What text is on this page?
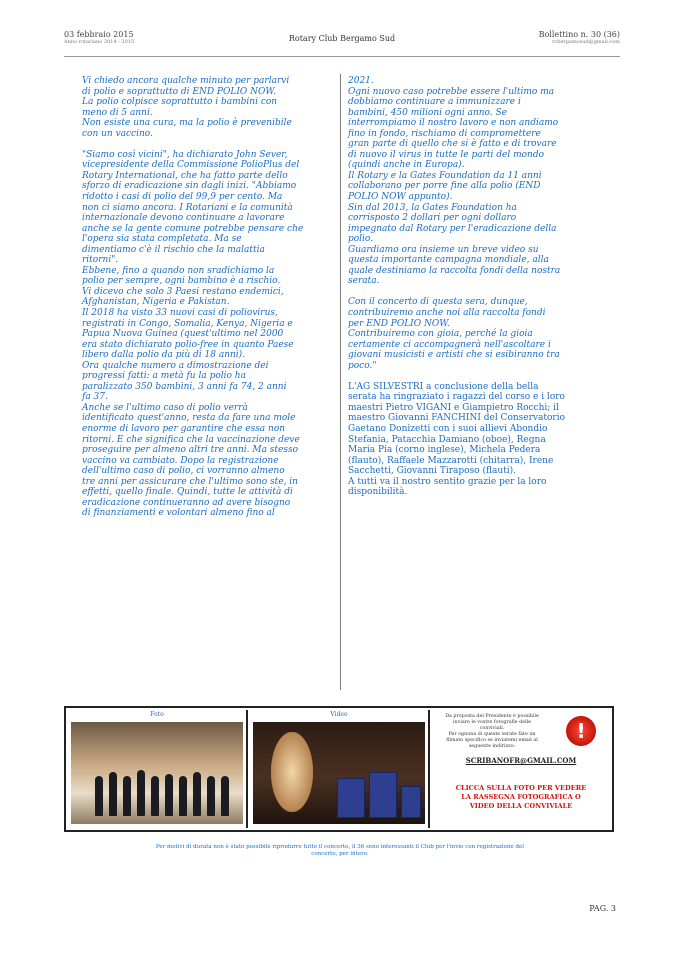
03 febbraio 2015
Anno rotariano 2014 - 2015	Rotary Club Bergamo Sud	Bollettino n. 30 (36)
rcbergamosud@gmail.com

Vi chiedo ancora qualche minuto per parlarvi
di polio e soprattutto di END POLIO NOW.
La polio colpisce soprattutto i bambini con
meno di 5 anni.
Non esiste una cura, ma la polio è prevenibile
con un vaccino.

"Siamo così vicini", ha dichiarato John Sever,
vicepresidente della Commissione PolioPlus del
Rotary International, che ha fatto parte dello
sforzo di eradicazione sin dagli inizi. "Abbiamo
ridotto i casi di polio del 99,9 per cento. Ma
non ci siamo ancora. I Rotariani e la comunità
internazionale devono continuare a lavorare
anche se la gente comune potrebbe pensare che
l'opera sia stata completata. Ma se
dimentiamo c'è il rischio che la malattia
ritorni".
Ebbene, fino a quando non sradichiamo la
polio per sempre, ogni bambino è a rischio.
Vi dicevo che solo 3 Paesi restano endemici,
Afghanistan, Nigeria e Pakistan.
Il 2018 ha visto 33 nuovi casi di poliovirus,
registrati in Congo, Somalia, Kenya, Nigeria e
Papua Nuova Guinea (quest'ultimo nel 2000
era stato dichiarato polio-free in quanto Paese
libero dalla polio da più di 18 anni).
Ora qualche numero a dimostrazione dei
progressi fatti: a metà fu la polio ha
paralizzato 350 bambini, 3 anni fa 74, 2 anni
fa 37.
Anche se l'ultimo caso di polio verrà
identificato quest'anno, resta da fare una mole
enorme di lavoro per garantire che essa non
ritorni. E che significa che la vaccinazione deve
proseguire per almeno altri tre anni. Ma stesso
vaccino va cambiato. Dopo la registrazione
dell'ultimo caso di polio, ci vorranno almeno
tre anni per assicurare che l'ultimo sono ste, in
effetti, quello finale. Quindi, tutte le attività di
eradicazione continueranno ad avere bisogno
di finanziamenti e volontari almeno fino al

2021.
Ogni nuovo caso potrebbe essere l'ultimo ma
dobbiamo continuare a immunizzare i
bambini, 450 milioni ogni anno. Se
interrompiamo il nostro lavoro e non andiamo
fino in fondo, rischiamo di compromettere
gran parte di quello che si è fatto e di trovare
di nuovo il virus in tutte le parti del mondo
(quindi anche in Europa).
Il Rotary e la Gates Foundation da 11 anni
collaborano per porre fine alla polio (END
POLIO NOW appunto).
Sin dal 2013, la Gates Foundation ha
corrisposto 2 dollari per ogni dollaro
impegnato dal Rotary per l'eradicazione della
polio.
Guardiamo ora insieme un breve video su
questa importante campagna mondiale, alla
quale destiniamo la raccolta fondi della nostra
serata.

Con il concerto di questa sera, dunque,
contribuiremo anche noi alla raccolta fondi
per END POLIO NOW.
Contribuiremo con gioia, perché la gioia
certamente ci accompagnerà nell'ascoltare i
giovani musicisti e artisti che si esibiranno tra
poco."

L'AG SILVESTRI a conclusione della bella
serata ha ringraziato i ragazzi del corso e i loro
maestri Pietro VIGANI e Giampietro Rocchi; il
maestro Giovanni FANCHINI del Conservatorio
Gaetano Donizetti con i suoi allievi Abondio
Stefania, Patacchia Damiano (oboe), Regna
Maria Pia (corno inglese), Michela Pedera
(flauto), Raffaele Mazzarotti (chitarra), Irene
Sacchetti, Giovanni Tiraposo (flauti).
A tutti va il nostro sentito grazie per la loro
disponibilità.

Foto	Video	Da proposta del Presidente è possibile
inviare le vostre fotografie delle
conviviali.
Per ognuna di queste serate fate un
filmato specifico se inviatemi email al
seguente indirizzo:
!
SCRIBANOFR@GMAIL.COM
CLICCA SULLA FOTO PER VEDERE
LA RASSEGNA FOTOGRAFICA O
VIDEO DELLA CONVIVIALE
Per motivi di durata non è stato possibile riprodurre tutto il concerto, il 36 sono interessanti il Club per l'invio con registrazione del
concerto, per intero.
PAG. 3
